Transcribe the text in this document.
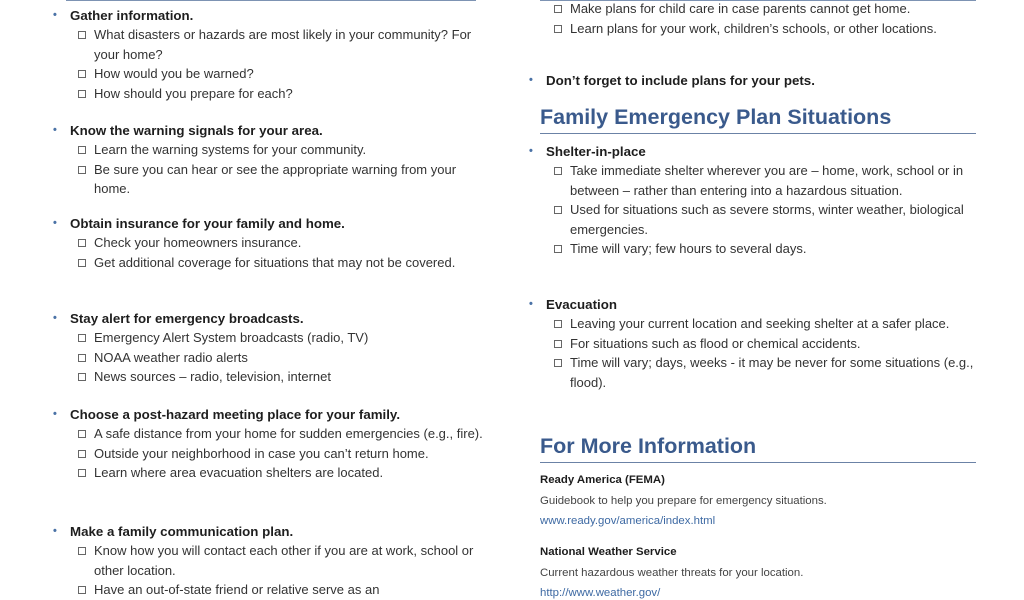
• Gather information.
What disasters or hazards are most likely in your community? For your home?
How would you be warned?
How should you prepare for each?
• Know the warning signals for your area.
Learn the warning systems for your community.
Be sure you can hear or see the appropriate warning from your home.
• Obtain insurance for your family and home.
Check your homeowners insurance.
Get additional coverage for situations that may not be covered.
• Stay alert for emergency broadcasts.
Emergency Alert System broadcasts (radio, TV)
NOAA weather radio alerts
News sources – radio, television, internet
• Choose a post-hazard meeting place for your family.
A safe distance from your home for sudden emergencies (e.g., fire).
Outside your neighborhood in case you can’t return home.
Learn where area evacuation shelters are located.
• Make a family communication plan.
Know how you will contact each other if you are at work, school or other location.
Have an out-of-state friend or relative serve as an
Make plans for child care in case parents cannot get home.
Learn plans for your work, children’s schools, or other locations.
• Don’t forget to include plans for your pets.
Family Emergency Plan Situations
• Shelter-in-place
Take immediate shelter wherever you are – home, work, school or in between – rather than entering into a hazardous situation.
Used for situations such as severe storms, winter weather, biological emergencies.
Time will vary; few hours to several days.
• Evacuation
Leaving your current location and seeking shelter at a safer place.
For situations such as flood or chemical accidents.
Time will vary; days, weeks - it may be never for some situations (e.g., flood).
For More Information
Ready America (FEMA)
Guidebook to help you prepare for emergency situations.
www.ready.gov/america/index.html
National Weather Service
Current hazardous weather threats for your location.
http://www.weather.gov/
